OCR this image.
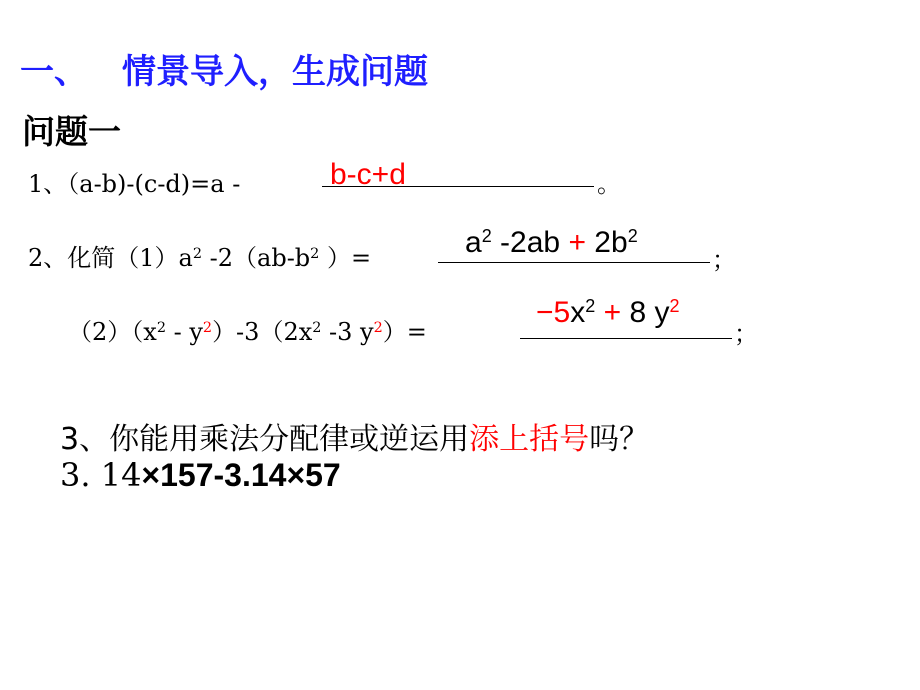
一、 情景导入，生成问题
问题一
1、（a-b)-(c-d)=a -	b-c+d	。
2、化简$(1)a^2$ $-2(ab-b^2$ ）=	$a^2$ $-2ab + 2b^2$
；
$(2)(x^2 - y^2)-3(2x^2$ -3 $y^2)=$
$-5x^2 + 8$ $y^2$
；
3、你能用乘法分配律或逆运用添上括号吗？
3. 14×157-3.14×57
